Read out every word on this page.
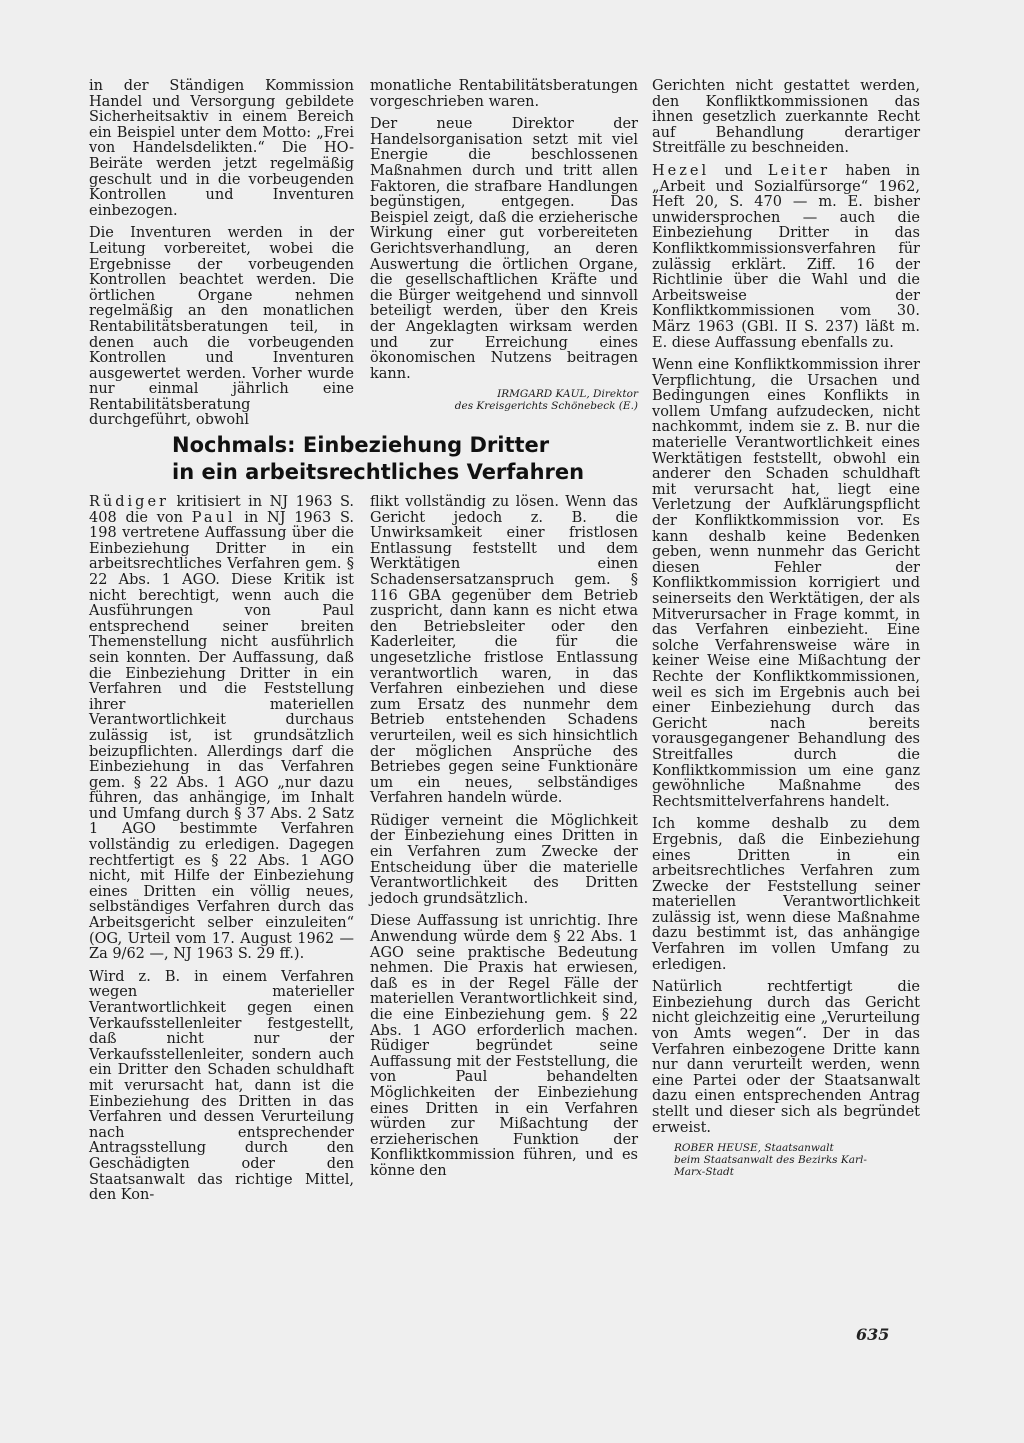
in der Ständigen Kommission Handel und Versorgung gebildete Sicherheitsaktiv in einem Bereich ein Beispiel unter dem Motto: „Frei von Handelsdelikten.“ Die HO-Beiräte werden jetzt regelmäßig geschult und in die vorbeugenden Kontrollen und Inventuren einbezogen.

Die Inventuren werden in der Leitung vorbereitet, wobei die Ergebnisse der vorbeugenden Kontrollen beachtet werden. Die örtlichen Organe nehmen regelmäßig an den monatlichen Rentabilitätsberatungen teil, in denen auch die vorbeugenden Kontrollen und Inventuren ausgewertet werden. Vorher wurde nur einmal jährlich eine Rentabilitätsberatung durchgeführt, obwohl

monatliche Rentabilitätsberatungen vorgeschrieben waren.

Der neue Direktor der Handelsorganisation setzt mit viel Energie die beschlossenen Maßnahmen durch und tritt allen Faktoren, die strafbare Handlungen begünstigen, entgegen. Das Beispiel zeigt, daß die erzieherische Wirkung einer gut vorbereiteten Gerichtsverhandlung, an deren Auswertung die örtlichen Organe, die gesellschaftlichen Kräfte und die Bürger weitgehend und sinnvoll beteiligt werden, über den Kreis der Angeklagten wirksam werden und zur Erreichung eines ökonomischen Nutzens beitragen kann.

IRMGARD KAUL, Direktor
des Kreisgerichts Schönebeck (E.)
Nochmals: Einbeziehung Dritter
in ein arbeitsrechtliches Verfahren

Rüdiger kritisiert in NJ 1963 S. 408 die von Paul in NJ 1963 S. 198 vertretene Auffassung über die Einbeziehung Dritter in ein arbeitsrechtliches Verfahren gem. § 22 Abs. 1 AGO. Diese Kritik ist nicht berechtigt, wenn auch die Ausführungen von Paul entsprechend seiner breiten Themenstellung nicht ausführlich sein konnten. Der Auffassung, daß die Einbeziehung Dritter in ein Verfahren und die Feststellung ihrer materiellen Verantwortlichkeit durchaus zulässig ist, ist grundsätzlich beizupflichten. Allerdings darf die Einbeziehung in das Verfahren gem. § 22 Abs. 1 AGO „nur dazu führen, das anhängige, im Inhalt und Umfang durch § 37 Abs. 2 Satz 1 AGO bestimmte Verfahren vollständig zu erledigen. Dagegen rechtfertigt es § 22 Abs. 1 AGO nicht, mit Hilfe der Einbeziehung eines Dritten ein völlig neues, selbständiges Verfahren durch das Arbeitsgericht selber einzuleiten“ (OG, Urteil vom 17. August 1962 — Za 9/62 —, NJ 1963 S. 29 ff.).

Wird z. B. in einem Verfahren wegen materieller Verantwortlichkeit gegen einen Verkaufsstellenleiter festgestellt, daß nicht nur der Verkaufsstellenleiter, sondern auch ein Dritter den Schaden schuldhaft mit verursacht hat, dann ist die Einbeziehung des Dritten in das Verfahren und dessen Verurteilung nach entsprechender Antragsstellung durch den Geschädigten oder den Staatsanwalt das richtige Mittel, den Kon-

flikt vollständig zu lösen. Wenn das Gericht jedoch z. B. die Unwirksamkeit einer fristlosen Entlassung feststellt und dem Werktätigen einen Schadensersatzanspruch gem. § 116 GBA gegenüber dem Betrieb zuspricht, dann kann es nicht etwa den Betriebsleiter oder den Kaderleiter, die für die ungesetzliche fristlose Entlassung verantwortlich waren, in das Verfahren einbeziehen und diese zum Ersatz des nunmehr dem Betrieb entstehenden Schadens verurteilen, weil es sich hinsichtlich der möglichen Ansprüche des Betriebes gegen seine Funktionäre um ein neues, selbständiges Verfahren handeln würde.

Rüdiger verneint die Möglichkeit der Einbeziehung eines Dritten in ein Verfahren zum Zwecke der Entscheidung über die materielle Verantwortlichkeit des Dritten jedoch grundsätzlich.

Diese Auffassung ist unrichtig. Ihre Anwendung würde dem § 22 Abs. 1 AGO seine praktische Bedeutung nehmen. Die Praxis hat erwiesen, daß es in der Regel Fälle der materiellen Verantwortlichkeit sind, die eine Einbeziehung gem. § 22 Abs. 1 AGO erforderlich machen. Rüdiger begründet seine Auffassung mit der Feststellung, die von Paul behandelten Möglichkeiten der Einbeziehung eines Dritten in ein Verfahren würden zur Mißachtung der erzieherischen Funktion der Konfliktkommission führen, und es könne den

Gerichten nicht gestattet werden, den Konfliktkommissionen das ihnen gesetzlich zuerkannte Recht auf Behandlung derartiger Streitfälle zu beschneiden.

Hezel und Leiter haben in „Arbeit und Sozialfürsorge“ 1962, Heft 20, S. 470 — m. E. bisher unwidersprochen — auch die Einbeziehung Dritter in das Konfliktkommissionsverfahren für zulässig erklärt. Ziff. 16 der Richtlinie über die Wahl und die Arbeitsweise der Konfliktkommissionen vom 30. März 1963 (GBl. II S. 237) läßt m. E. diese Auffassung ebenfalls zu.

Wenn eine Konfliktkommission ihrer Verpflichtung, die Ursachen und Bedingungen eines Konflikts in vollem Umfang aufzudecken, nicht nachkommt, indem sie z. B. nur die materielle Verantwortlichkeit eines Werktätigen feststellt, obwohl ein anderer den Schaden schuldhaft mit verursacht hat, liegt eine Verletzung der Aufklärungspflicht der Konfliktkommission vor. Es kann deshalb keine Bedenken geben, wenn nunmehr das Gericht diesen Fehler der Konfliktkommission korrigiert und seinerseits den Werktätigen, der als Mitverursacher in Frage kommt, in das Verfahren einbezieht. Eine solche Verfahrensweise wäre in keiner Weise eine Mißachtung der Rechte der Konfliktkommissionen, weil es sich im Ergebnis auch bei einer Einbeziehung durch das Gericht nach bereits vorausgegangener Behandlung des Streitfalles durch die Konfliktkommission um eine ganz gewöhnliche Maßnahme des Rechtsmittelverfahrens handelt.

Ich komme deshalb zu dem Ergebnis, daß die Einbeziehung eines Dritten in ein arbeitsrechtliches Verfahren zum Zwecke der Feststellung seiner materiellen Verantwortlichkeit zulässig ist, wenn diese Maßnahme dazu bestimmt ist, das anhängige Verfahren im vollen Umfang zu erledigen.

Natürlich rechtfertigt die Einbeziehung durch das Gericht nicht gleichzeitig eine „Verurteilung von Amts wegen“. Der in das Verfahren einbezogene Dritte kann nur dann verurteilt werden, wenn eine Partei oder der Staatsanwalt dazu einen entsprechenden Antrag stellt und dieser sich als begründet erweist.

ROBER HEUSE, Staatsanwalt
beim Staatsanwalt des Bezirks Karl-
Marx-Stadt
635
